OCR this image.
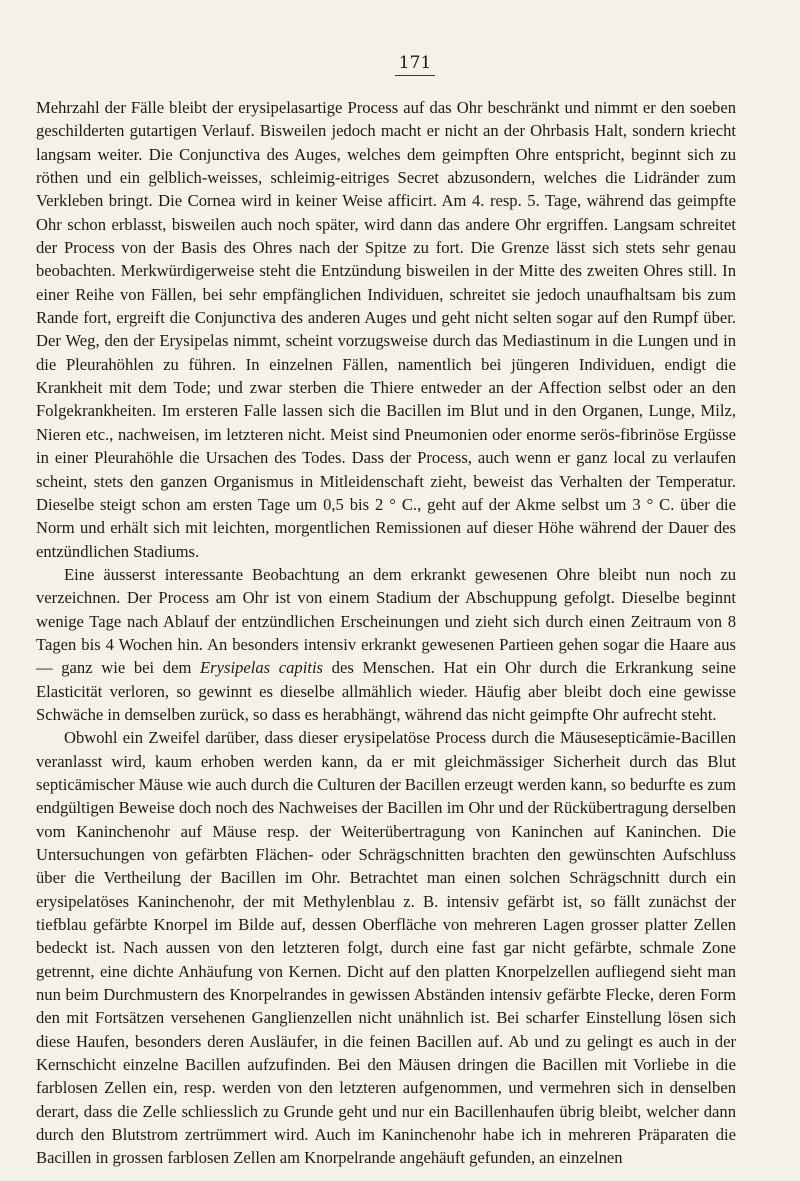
171

Mehrzahl der Fälle bleibt der erysipelasartige Process auf das Ohr beschränkt und nimmt er den soeben geschilderten gutartigen Verlauf. Bisweilen jedoch macht er nicht an der Ohrbasis Halt, sondern kriecht langsam weiter. Die Conjunctiva des Auges, welches dem geimpften Ohre entspricht, beginnt sich zu röthen und ein gelblich-weisses, schleimig-eitriges Secret abzusondern, welches die Lidränder zum Verkleben bringt. Die Cornea wird in keiner Weise afficirt. Am 4. resp. 5. Tage, während das geimpfte Ohr schon erblasst, bisweilen auch noch später, wird dann das andere Ohr ergriffen. Langsam schreitet der Process von der Basis des Ohres nach der Spitze zu fort. Die Grenze lässt sich stets sehr genau beobachten. Merkwürdigerweise steht die Entzündung bisweilen in der Mitte des zweiten Ohres still. In einer Reihe von Fällen, bei sehr empfänglichen Individuen, schreitet sie jedoch unaufhaltsam bis zum Rande fort, ergreift die Conjunctiva des anderen Auges und geht nicht selten sogar auf den Rumpf über. Der Weg, den der Erysipelas nimmt, scheint vorzugsweise durch das Mediastinum in die Lungen und in die Pleurahöhlen zu führen. In einzelnen Fällen, namentlich bei jüngeren Individuen, endigt die Krankheit mit dem Tode; und zwar sterben die Thiere entweder an der Affection selbst oder an den Folgekrankheiten. Im ersteren Falle lassen sich die Bacillen im Blut und in den Organen, Lunge, Milz, Nieren etc., nachweisen, im letzteren nicht. Meist sind Pneumonien oder enorme serös-fibrinöse Ergüsse in einer Pleurahöhle die Ursachen des Todes. Dass der Process, auch wenn er ganz local zu verlaufen scheint, stets den ganzen Organismus in Mitleidenschaft zieht, beweist das Verhalten der Temperatur. Dieselbe steigt schon am ersten Tage um 0,5 bis 2 ° C., geht auf der Akme selbst um 3 ° C. über die Norm und erhält sich mit leichten, morgentlichen Remissionen auf dieser Höhe während der Dauer des entzündlichen Stadiums.

Eine äusserst interessante Beobachtung an dem erkrankt gewesenen Ohre bleibt nun noch zu verzeichnen. Der Process am Ohr ist von einem Stadium der Abschuppung gefolgt. Dieselbe beginnt wenige Tage nach Ablauf der entzündlichen Erscheinungen und zieht sich durch einen Zeitraum von 8 Tagen bis 4 Wochen hin. An besonders intensiv erkrankt gewesenen Partieen gehen sogar die Haare aus — ganz wie bei dem Erysipelas capitis des Menschen. Hat ein Ohr durch die Erkrankung seine Elasticität verloren, so gewinnt es dieselbe allmählich wieder. Häufig aber bleibt doch eine gewisse Schwäche in demselben zurück, so dass es herabhängt, während das nicht geimpfte Ohr aufrecht steht.

Obwohl ein Zweifel darüber, dass dieser erysipelatöse Process durch die Mäusesepticämie-Bacillen veranlasst wird, kaum erhoben werden kann, da er mit gleichmässiger Sicherheit durch das Blut septicämischer Mäuse wie auch durch die Culturen der Bacillen erzeugt werden kann, so bedurfte es zum endgültigen Beweise doch noch des Nachweises der Bacillen im Ohr und der Rückübertragung derselben vom Kaninchenohr auf Mäuse resp. der Weiterübertragung von Kaninchen auf Kaninchen. Die Untersuchungen von gefärbten Flächen- oder Schrägschnitten brachten den gewünschten Aufschluss über die Vertheilung der Bacillen im Ohr. Betrachtet man einen solchen Schrägschnitt durch ein erysipelatöses Kaninchenohr, der mit Methylenblau z. B. intensiv gefärbt ist, so fällt zunächst der tiefblau gefärbte Knorpel im Bilde auf, dessen Oberfläche von mehreren Lagen grosser platter Zellen bedeckt ist. Nach aussen von den letzteren folgt, durch eine fast gar nicht gefärbte, schmale Zone getrennt, eine dichte Anhäufung von Kernen. Dicht auf den platten Knorpelzellen aufliegend sieht man nun beim Durchmustern des Knorpelrandes in gewissen Abständen intensiv gefärbte Flecke, deren Form den mit Fortsätzen versehenen Ganglienzellen nicht unähnlich ist. Bei scharfer Einstellung lösen sich diese Haufen, besonders deren Ausläufer, in die feinen Bacillen auf. Ab und zu gelingt es auch in der Kernschicht einzelne Bacillen aufzufinden. Bei den Mäusen dringen die Bacillen mit Vorliebe in die farblosen Zellen ein, resp. werden von den letzteren aufgenommen, und vermehren sich in denselben derart, dass die Zelle schliesslich zu Grunde geht und nur ein Bacillenhaufen übrig bleibt, welcher dann durch den Blutstrom zertrümmert wird. Auch im Kaninchenohr habe ich in mehreren Präparaten die Bacillen in grossen farblosen Zellen am Knorpelrande angehäuft gefunden, an einzelnen
